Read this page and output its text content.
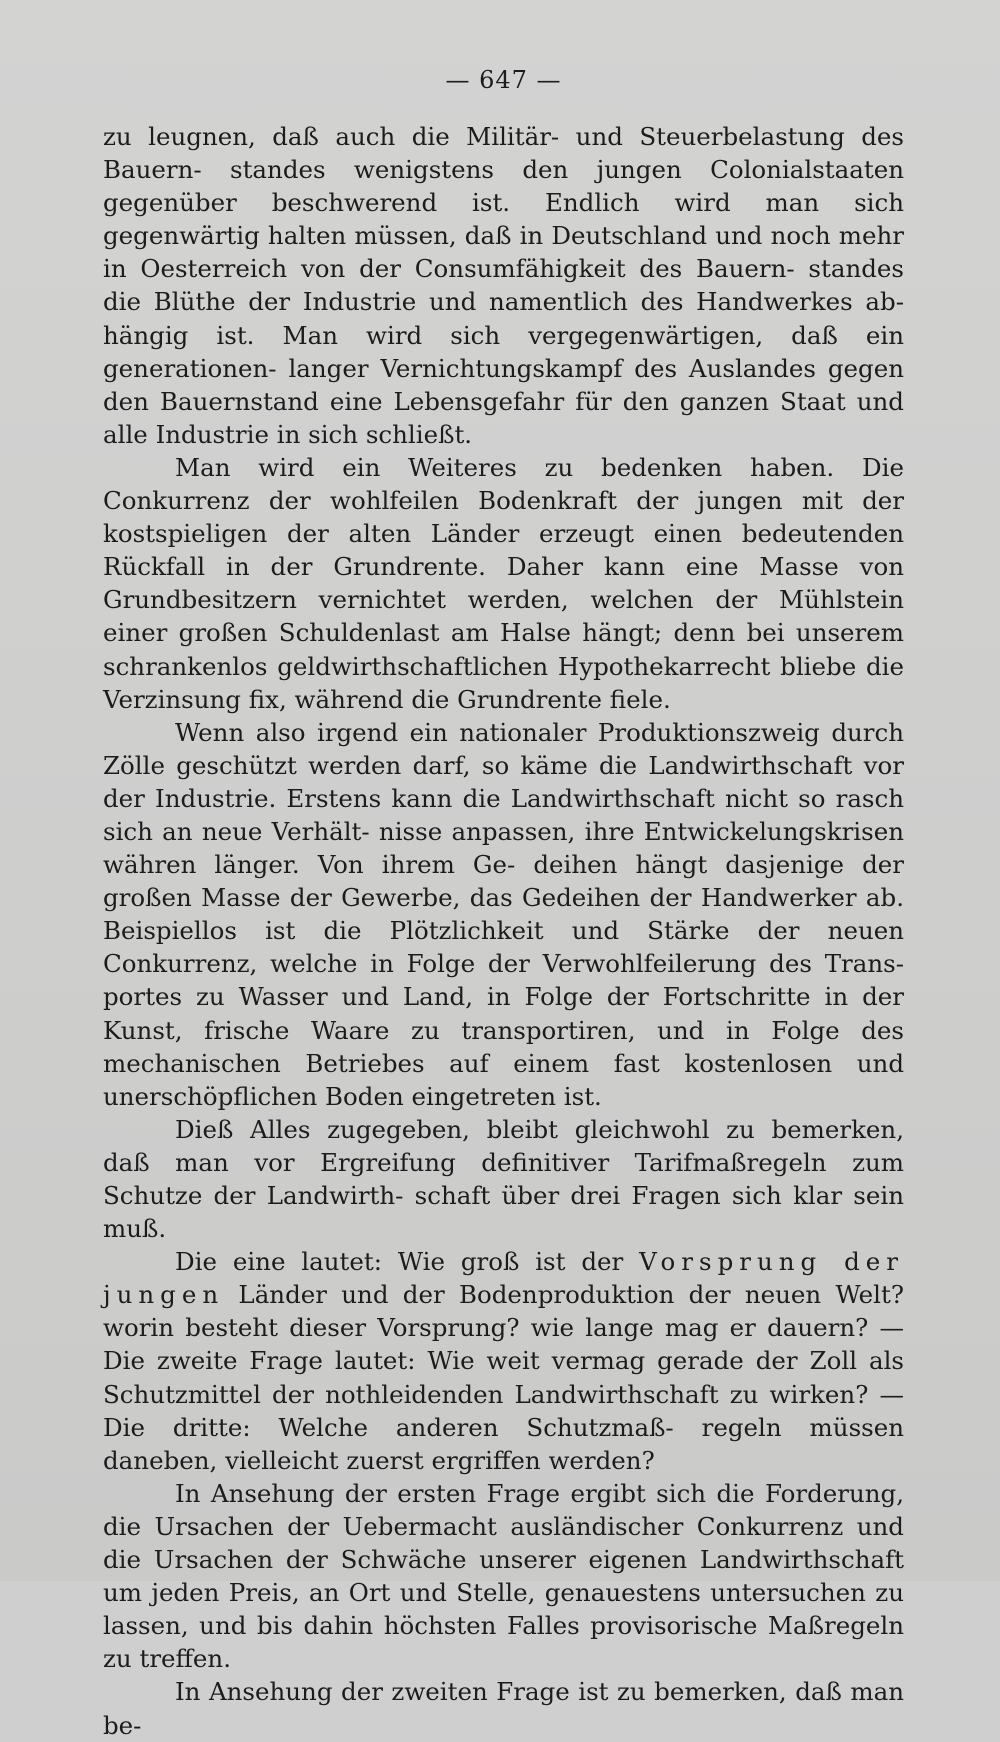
— 647 —

zu leugnen, daß auch die Militär- und Steuerbelastung des Bauern- standes wenigstens den jungen Colonialstaaten gegenüber beschwerend ist. Endlich wird man sich gegenwärtig halten müssen, daß in Deutschland und noch mehr in Oesterreich von der Consumfähigkeit des Bauern- standes die Blüthe der Industrie und namentlich des Handwerkes ab- hängig ist. Man wird sich vergegenwärtigen, daß ein generationen- langer Vernichtungskampf des Auslandes gegen den Bauernstand eine Lebensgefahr für den ganzen Staat und alle Industrie in sich schließt.

Man wird ein Weiteres zu bedenken haben. Die Conkurrenz der wohlfeilen Bodenkraft der jungen mit der kostspieligen der alten Länder erzeugt einen bedeutenden Rückfall in der Grundrente. Daher kann eine Masse von Grundbesitzern vernichtet werden, welchen der Mühlstein einer großen Schuldenlast am Halse hängt; denn bei unserem schrankenlos geldwirthschaftlichen Hypothekarrecht bliebe die Verzinsung fix, während die Grundrente fiele.

Wenn also irgend ein nationaler Produktionszweig durch Zölle geschützt werden darf, so käme die Landwirthschaft vor der Industrie. Erstens kann die Landwirthschaft nicht so rasch sich an neue Verhält- nisse anpassen, ihre Entwickelungskrisen währen länger. Von ihrem Ge- deihen hängt dasjenige der großen Masse der Gewerbe, das Gedeihen der Handwerker ab. Beispiellos ist die Plötzlichkeit und Stärke der neuen Conkurrenz, welche in Folge der Verwohlfeilerung des Trans- portes zu Wasser und Land, in Folge der Fortschritte in der Kunst, frische Waare zu transportiren, und in Folge des mechanischen Betriebes auf einem fast kostenlosen und unerschöpflichen Boden eingetreten ist.

Dieß Alles zugegeben, bleibt gleichwohl zu bemerken, daß man vor Ergreifung definitiver Tarifmaßregeln zum Schutze der Landwirth- schaft über drei Fragen sich klar sein muß.

Die eine lautet: Wie groß ist der Vorsprung der jungen Länder und der Bodenproduktion der neuen Welt? worin besteht dieser Vorsprung? wie lange mag er dauern? — Die zweite Frage lautet: Wie weit vermag gerade der Zoll als Schutzmittel der nothleidenden Landwirthschaft zu wirken? — Die dritte: Welche anderen Schutzmaß- regeln müssen daneben, vielleicht zuerst ergriffen werden?

In Ansehung der ersten Frage ergibt sich die Forderung, die Ursachen der Uebermacht ausländischer Conkurrenz und die Ursachen der Schwäche unserer eigenen Landwirthschaft um jeden Preis, an Ort und Stelle, genauestens untersuchen zu lassen, und bis dahin höchsten Falles provisorische Maßregeln zu treffen.

In Ansehung der zweiten Frage ist zu bemerken, daß man be-
